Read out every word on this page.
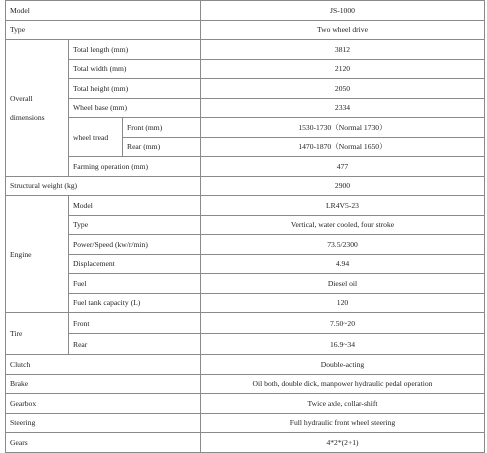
Model			JS-1000
Type			Two wheel drive
Overall dimensions	Total length (mm)		3812
	Total width (mm)		2120
	Total height (mm)		2050
	Wheel base (mm)		2334
	wheel tread	Front (mm)	1530-1730（Normal 1730）
		Rear (mm)	1470-1870（Normal 1650）
	Farming operation (mm)		477
Structural weight (kg)			2900
Engine	Model		LR4V5-23
	Type		Vertical, water cooled, four stroke
	Power/Speed (kw/r/min)		73.5/2300
	Displacement		4.94
	Fuel		Diesel oil
	Fuel tank capacity (L)		120
Tire	Front		7.50~20
	Rear		16.9~34
Clutch			Double-acting
Brake			Oil both, double dick, manpower hydraulic pedal operation
Gearbox			Twice axle, collar-shift
Steering			Full hydraulic front wheel steering
Gears			4*2*(2+1)
